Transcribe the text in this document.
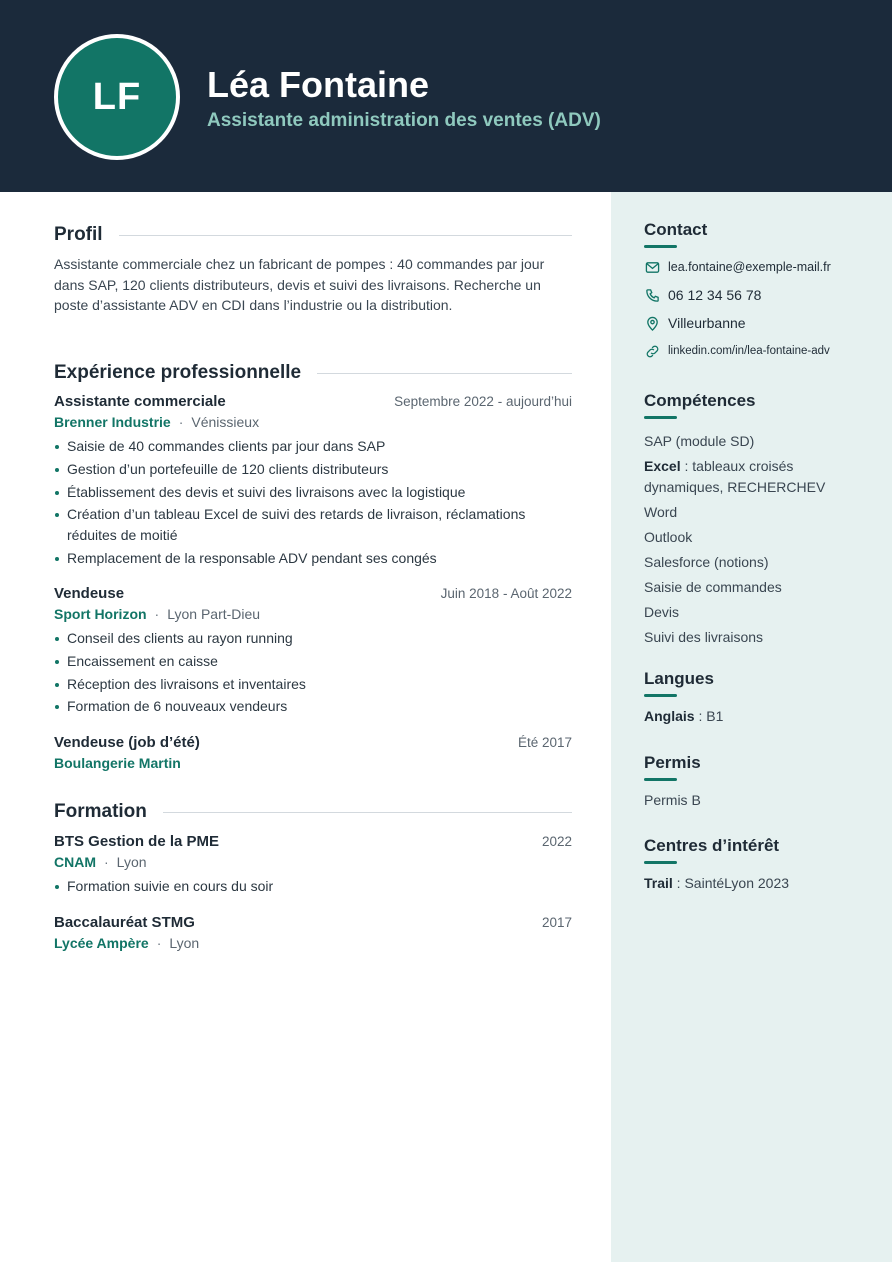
LF Léa Fontaine
Assistante administration des ventes (ADV)
Profil

Assistante commerciale chez un fabricant de pompes : 40 commandes par jour dans SAP, 120 clients distributeurs, devis et suivi des livraisons. Recherche un poste d’assistante ADV en CDI dans l’industrie ou la distribution.

Expérience professionnelle
Assistante commerciale	Septembre 2022 - aujourd’hui
Brenner Industrie · Vénissieux
Saisie de 40 commandes clients par jour dans SAP
Gestion d’un portefeuille de 120 clients distributeurs
Établissement des devis et suivi des livraisons avec la logistique
Création d’un tableau Excel de suivi des retards de livraison, réclamations réduites de moitié
Remplacement de la responsable ADV pendant ses congés
Vendeuse	Juin 2018 - Août 2022
Sport Horizon · Lyon Part-Dieu
Conseil des clients au rayon running
Encaissement en caisse
Réception des livraisons et inventaires
Formation de 6 nouveaux vendeurs
Vendeuse (job d’été)	Été 2017
Boulangerie Martin
Formation
BTS Gestion de la PME	2022
CNAM · Lyon
Formation suivie en cours du soir
Baccalauréat STMG	2017
Lycée Ampère · Lyon
Contact
lea.fontaine@exemple-mail.fr
06 12 34 56 78
Villeurbanne
linkedin.com/in/lea-fontaine-adv
Compétences
SAP (module SD)
Excel : tableaux croisés dynamiques, RECHERCHEV
Word
Outlook
Salesforce (notions)
Saisie de commandes
Devis
Suivi des livraisons
Langues
Anglais : B1
Permis
Permis B
Centres d’intérêt
Trail : SaintéLyon 2023
